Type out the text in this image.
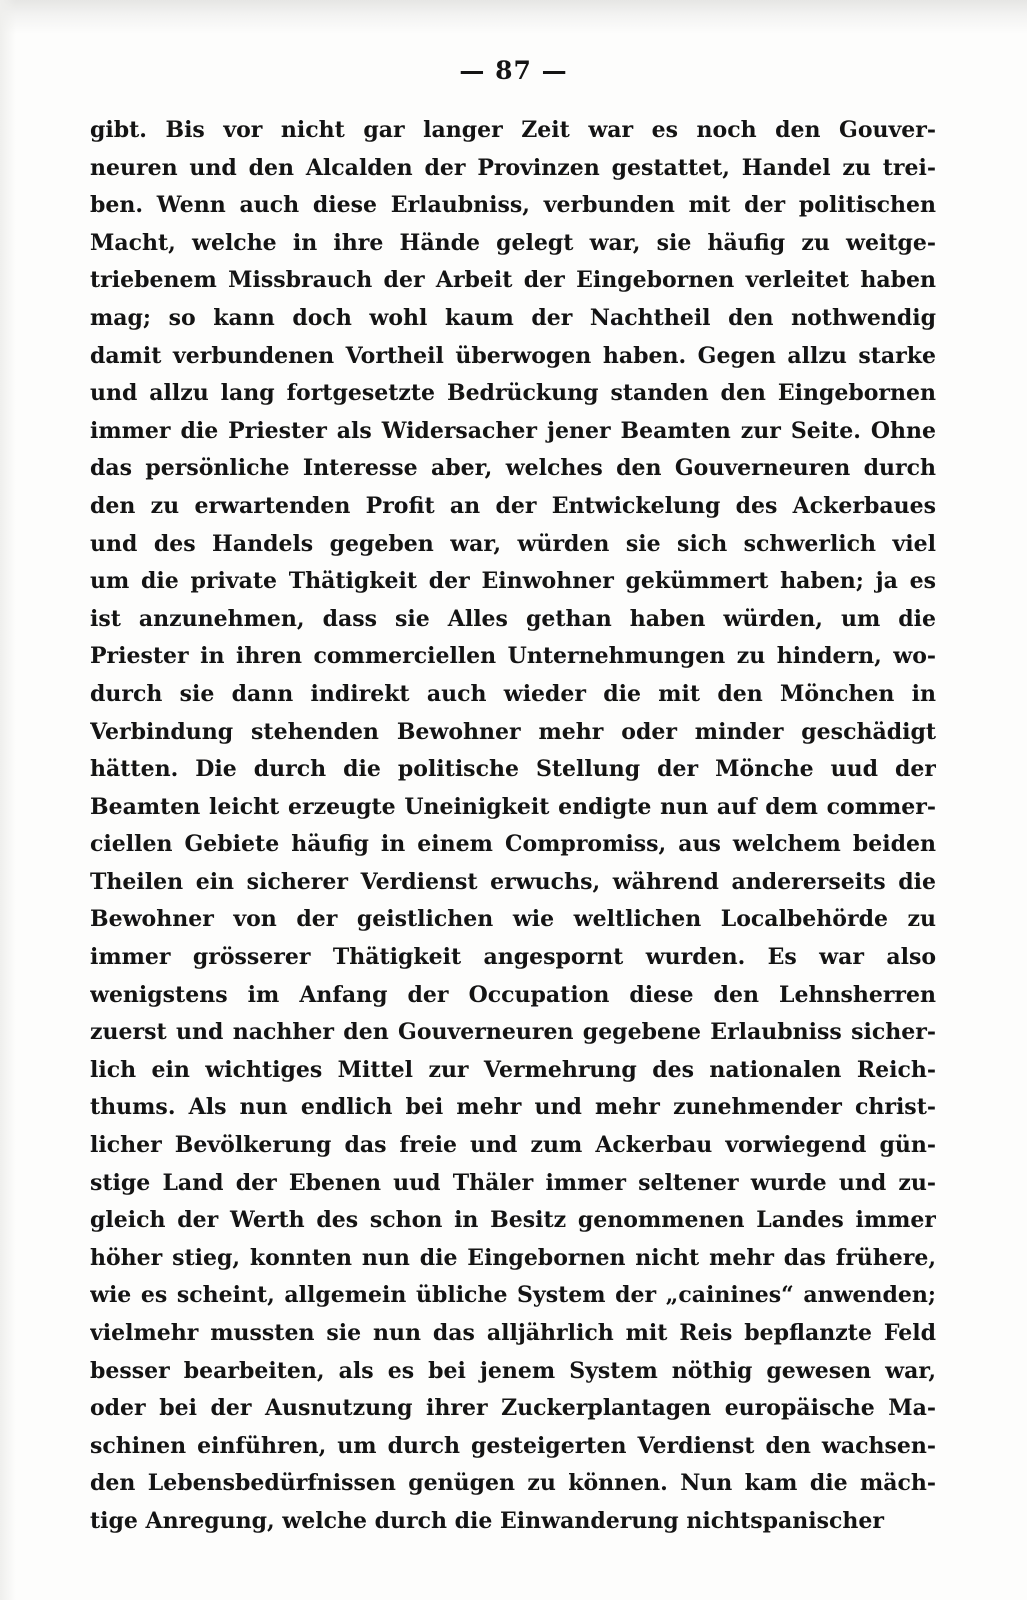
— 87 —
gibt. Bis vor nicht gar langer Zeit war es noch den Gouver-
neuren und den Alcalden der Provinzen gestattet, Handel zu trei-
ben. Wenn auch diese Erlaubniss, verbunden mit der politischen
Macht, welche in ihre Hände gelegt war, sie häufig zu weitge-
triebenem Missbrauch der Arbeit der Eingebornen verleitet haben
mag; so kann doch wohl kaum der Nachtheil den nothwendig
damit verbundenen Vortheil überwogen haben. Gegen allzu starke
und allzu lang fortgesetzte Bedrückung standen den Eingebornen
immer die Priester als Widersacher jener Beamten zur Seite. Ohne
das persönliche Interesse aber, welches den Gouverneuren durch
den zu erwartenden Profit an der Entwickelung des Ackerbaues
und des Handels gegeben war, würden sie sich schwerlich viel
um die private Thätigkeit der Einwohner gekümmert haben; ja es
ist anzunehmen, dass sie Alles gethan haben würden, um die
Priester in ihren commerciellen Unternehmungen zu hindern, wo-
durch sie dann indirekt auch wieder die mit den Mönchen in
Verbindung stehenden Bewohner mehr oder minder geschädigt
hätten. Die durch die politische Stellung der Mönche uud der
Beamten leicht erzeugte Uneinigkeit endigte nun auf dem commer-
ciellen Gebiete häufig in einem Compromiss, aus welchem beiden
Theilen ein sicherer Verdienst erwuchs, während andererseits die
Bewohner von der geistlichen wie weltlichen Localbehörde zu
immer grösserer Thätigkeit angespornt wurden. Es war also
wenigstens im Anfang der Occupation diese den Lehnsherren
zuerst und nachher den Gouverneuren gegebene Erlaubniss sicher-
lich ein wichtiges Mittel zur Vermehrung des nationalen Reich-
thums. Als nun endlich bei mehr und mehr zunehmender christ-
licher Bevölkerung das freie und zum Ackerbau vorwiegend gün-
stige Land der Ebenen uud Thäler immer seltener wurde und zu-
gleich der Werth des schon in Besitz genommenen Landes immer
höher stieg, konnten nun die Eingebornen nicht mehr das frühere,
wie es scheint, allgemein übliche System der „cainines“ anwenden;
vielmehr mussten sie nun das alljährlich mit Reis bepflanzte Feld
besser bearbeiten, als es bei jenem System nöthig gewesen war,
oder bei der Ausnutzung ihrer Zuckerplantagen europäische Ma-
schinen einführen, um durch gesteigerten Verdienst den wachsen-
den Lebensbedürfnissen genügen zu können. Nun kam die mäch-
tige Anregung, welche durch die Einwanderung nichtspanischer
